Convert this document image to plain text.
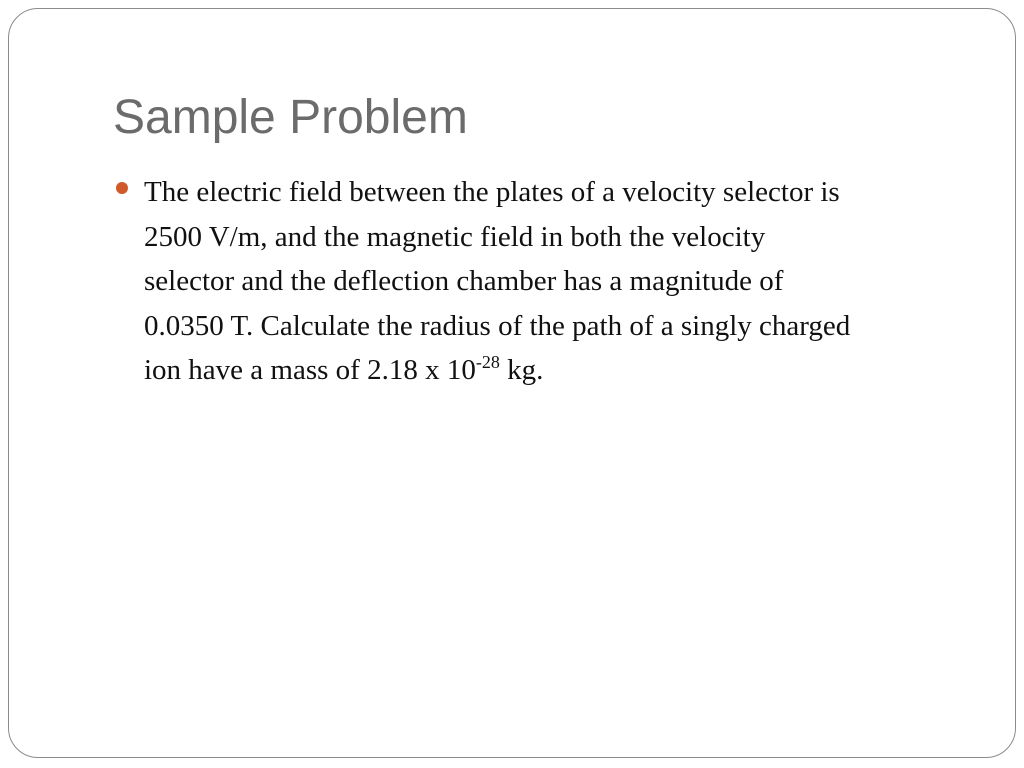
Sample Problem
The electric field between the plates of a velocity selector is
2500 V/m, and the magnetic field in both the velocity
selector and the deflection chamber has a magnitude of
0.0350 T. Calculate the radius of the path of a singly charged
ion have a mass of 2.18 x $10^{-28}$ kg.
